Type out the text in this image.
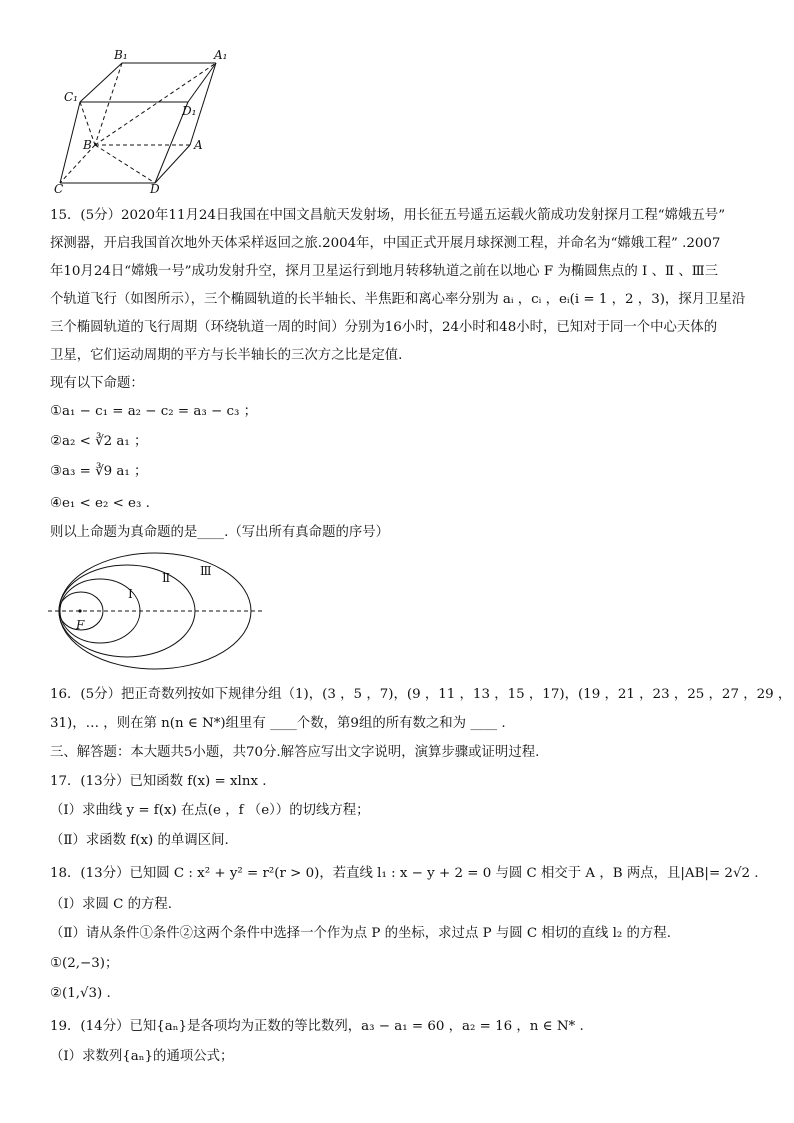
B₁	A₁
C₁
D₁
B	A
C	D
15．(5分）2020年11月24日我国在中国文昌航天发射场，用长征五号遥五运载火箭成功发射探月工程“嫦娥五号”
探测器，开启我国首次地外天体采样返回之旅.2004年，中国正式开展月球探测工程，并命名为“嫦娥工程” .2007
年10月24日“嫦娥一号”成功发射升空，探月卫星运行到地月转移轨道之前在以地心 F 为椭圆焦点的 Ⅰ 、Ⅱ 、Ⅲ三
个轨道飞行（如图所示），三个椭圆轨道的长半轴长、半焦距和离心率分别为 aᵢ ，cᵢ ，eᵢ(i = 1 ，2 ，3)，探月卫星沿
三个椭圆轨道的飞行周期（环绕轨道一周的时间）分别为16小时，24小时和48小时，已知对于同一个中心天体的
卫星，它们运动周期的平方与长半轴长的三次方之比是定值.
现有以下命题：
①a₁ − c₁ = a₂ − c₂ = a₃ − c₃ ；
②a₂ < ∛2 a₁ ；
③a₃ = ∛9 a₁ ；
④e₁ < e₂ < e₃ .
则以上命题为真命题的是____.（写出所有真命题的序号）
Ⅰ
Ⅱ Ⅲ
F
16．(5分）把正奇数列按如下规律分组（1)，(3 ，5 ，7)，(9 ，11 ，13 ，15 ，17)，(19 ，21 ，23 ，25 ，27 ，29 ，
31)，… ，则在第 n(n ∈ N*)组里有 ____个数，第9组的所有数之和为 ____ .
三、解答题：本大题共5小题，共70分.解答应写出文字说明，演算步骤或证明过程.
17．(13分）已知函数 f(x) = xlnx .
（Ⅰ）求曲线 y = f(x) 在点(e ，f （e））的切线方程；
（Ⅱ）求函数 f(x) 的单调区间.
18．(13分）已知圆 C : x² + y² = r²(r > 0)，若直线 l₁ : x − y + 2 = 0 与圆 C 相交于 A ，B 两点，且|AB|= 2√2 .
（Ⅰ）求圆 C 的方程.
（Ⅱ）请从条件①条件②这两个条件中选择一个作为点 P 的坐标，求过点 P 与圆 C 相切的直线 l₂ 的方程.
①(2,−3)；
②(1,√3) .
19．(14分）已知{aₙ}是各项均为正数的等比数列，a₃ − a₁ = 60 ，a₂ = 16 ，n ∈ N* .
（Ⅰ）求数列{aₙ}的通项公式；
